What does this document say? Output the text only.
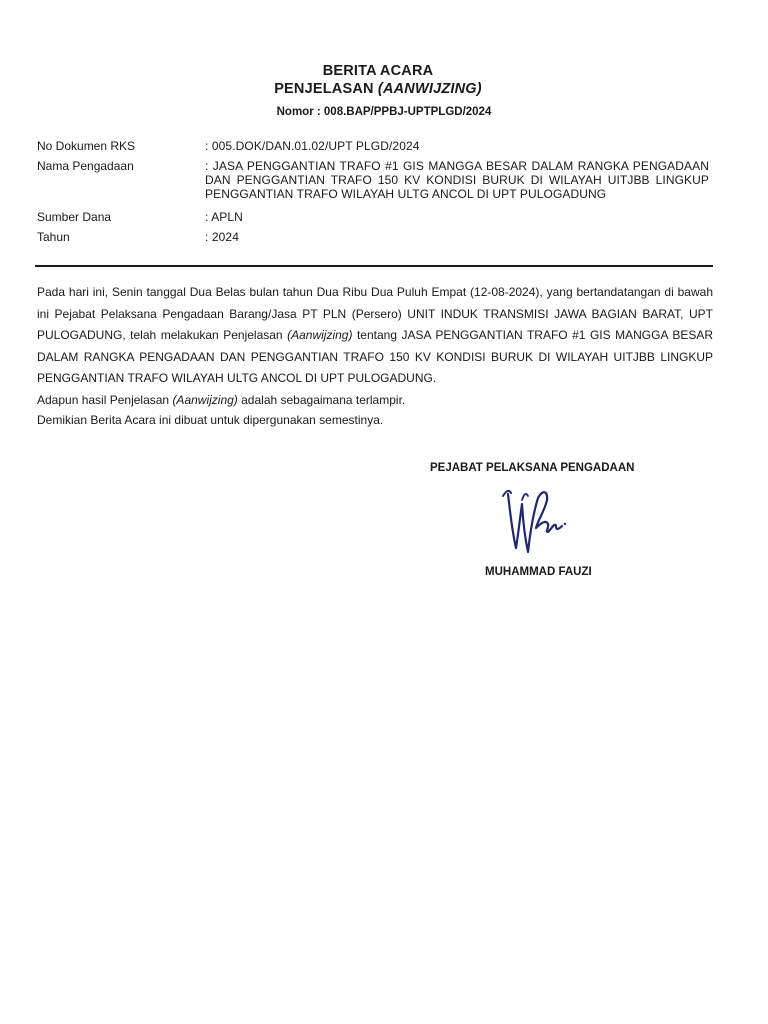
BERITA ACARA
PENJELASAN (AANWIJZING)
Nomor : 008.BAP/PPBJ-UPTPLGD/2024
No Dokumen RKS	: 005.DOK/DAN.01.02/UPT PLGD/2024
Nama Pengadaan	: JASA PENGGANTIAN TRAFO #1 GIS MANGGA BESAR DALAM RANGKA PENGADAAN DAN PENGGANTIAN TRAFO 150 KV KONDISI BURUK DI WILAYAH UITJBB LINGKUP PENGGANTIAN TRAFO WILAYAH ULTG ANCOL DI UPT PULOGADUNG
Sumber Dana	: APLN
Tahun	: 2024
Pada hari ini, Senin tanggal Dua Belas bulan tahun Dua Ribu Dua Puluh Empat (12-08-2024), yang bertandatangan di bawah ini Pejabat Pelaksana Pengadaan Barang/Jasa PT PLN (Persero) UNIT INDUK TRANSMISI JAWA BAGIAN BARAT, UPT PULOGADUNG, telah melakukan Penjelasan (Aanwijzing) tentang JASA PENGGANTIAN TRAFO #1 GIS MANGGA BESAR DALAM RANGKA PENGADAAN DAN PENGGANTIAN TRAFO 150 KV KONDISI BURUK DI WILAYAH UITJBB LINGKUP PENGGANTIAN TRAFO WILAYAH ULTG ANCOL DI UPT PULOGADUNG.
Adapun hasil Penjelasan (Aanwijzing) adalah sebagaimana terlampir.
Demikian Berita Acara ini dibuat untuk dipergunakan semestinya.
PEJABAT PELAKSANA PENGADAAN
MUHAMMAD FAUZI
